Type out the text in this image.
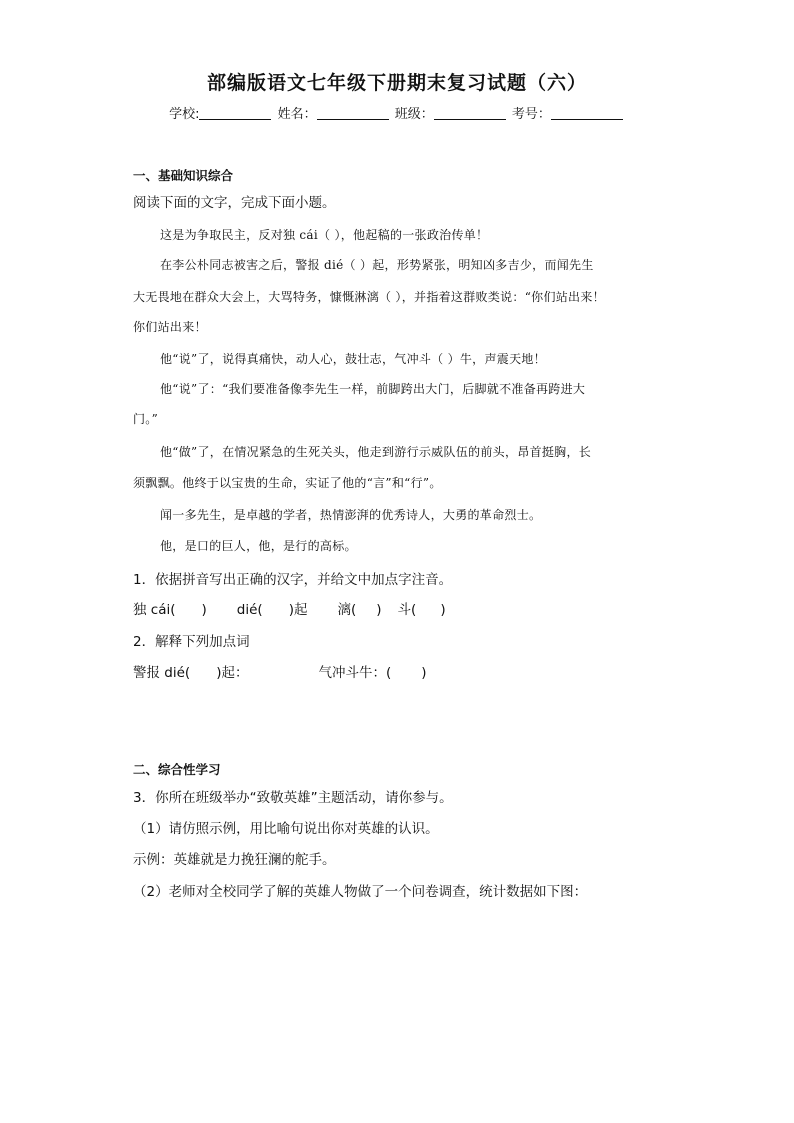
部编版语文七年级下册期末复习试题（六）
学校:	姓名：	班级：	考号：
一、基础知识综合
阅读下面的文字，完成下面小题。
这是为争取民主，反对独 cái（ ），他起稿的一张政治传单！
在李公朴同志被害之后，警报 dié（ ）起，形势紧张，明知凶多吉少，而闻先生
大无畏地在群众大会上，大骂特务，慷慨淋漓（ ），并指着这群败类说：“你们站出来！
你们站出来！
他“说”了，说得真痛快，动人心，鼓壮志，气冲斗（ ）牛，声震天地！
他“说”了：“我们要准备像李先生一样，前脚跨出大门，后脚就不准备再跨进大
门。”
他“做”了，在情况紧急的生死关头，他走到游行示威队伍的前头，昂首挺胸，长
须飘飘。他终于以宝贵的生命，实证了他的“言”和“行”。
闻一多先生，是卓越的学者，热情澎湃的优秀诗人，大勇的革命烈士。
他，是口的巨人，他，是行的高标。
1．依据拼音写出正确的汉字，并给文中加点字注音。
独 cái( ) dié( )起 漓( ) 斗( )
2．解释下列加点词
警报 dié( )起：	气冲斗牛：( )
二、综合性学习
3．你所在班级举办“致敬英雄”主题活动，请你参与。
（1）请仿照示例，用比喻句说出你对英雄的认识。
示例：英雄就是力挽狂澜的舵手。
（2）老师对全校同学了解的英雄人物做了一个问卷调查，统计数据如下图：
